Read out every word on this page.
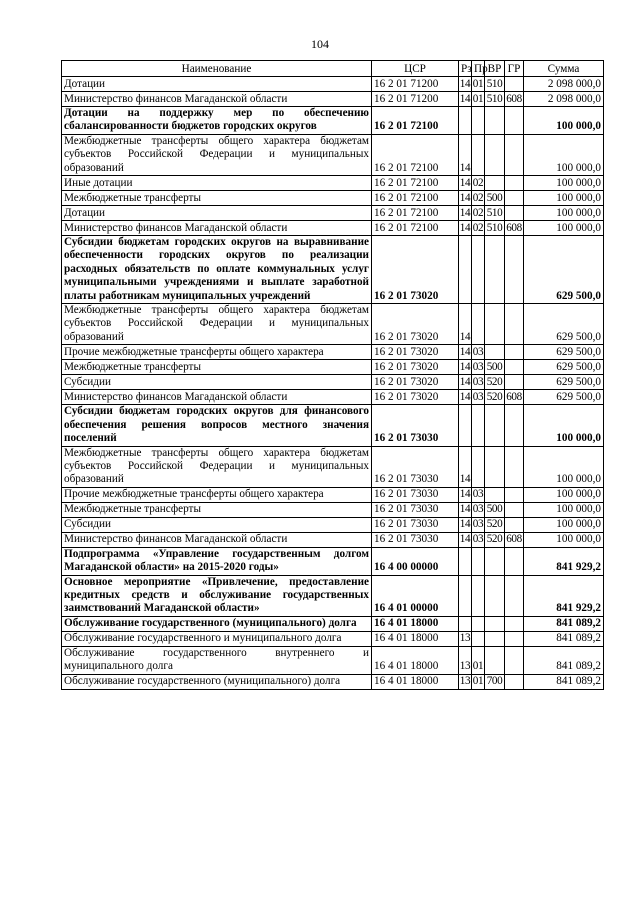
104
Наименование	ЦСР	Рз	Пр	ВР	ГР	Сумма
Дотации	16 2 01 71200	14	01	510		2 098 000,0
Министерство финансов Магаданской области	16 2 01 71200	14	01	510	608	2 098 000,0
Дотации на поддержку мер по обеспечению сбалансированности бюджетов городских округов	16 2 01 72100					100 000,0
Межбюджетные трансферты общего характера бюджетам субъектов Российской Федерации и муниципальных образований	16 2 01 72100	14				100 000,0
Иные дотации	16 2 01 72100	14	02			100 000,0
Межбюджетные трансферты	16 2 01 72100	14	02	500		100 000,0
Дотации	16 2 01 72100	14	02	510		100 000,0
Министерство финансов Магаданской области	16 2 01 72100	14	02	510	608	100 000,0
Субсидии бюджетам городских округов на выравнивание обеспеченности городских округов по реализации расходных обязательств по оплате коммунальных услуг муниципальными учреждениями и выплате заработной платы работникам муниципальных учреждений	16 2 01 73020					629 500,0
Межбюджетные трансферты общего характера бюджетам субъектов Российской Федерации и муниципальных образований	16 2 01 73020	14				629 500,0
Прочие межбюджетные трансферты общего характера	16 2 01 73020	14	03			629 500,0
Межбюджетные трансферты	16 2 01 73020	14	03	500		629 500,0
Субсидии	16 2 01 73020	14	03	520		629 500,0
Министерство финансов Магаданской области	16 2 01 73020	14	03	520	608	629 500,0
Субсидии бюджетам городских округов для финансового обеспечения решения вопросов местного значения поселений	16 2 01 73030					100 000,0
Межбюджетные трансферты общего характера бюджетам субъектов Российской Федерации и муниципальных образований	16 2 01 73030	14				100 000,0
Прочие межбюджетные трансферты общего характера	16 2 01 73030	14	03			100 000,0
Межбюджетные трансферты	16 2 01 73030	14	03	500		100 000,0
Субсидии	16 2 01 73030	14	03	520		100 000,0
Министерство финансов Магаданской области	16 2 01 73030	14	03	520	608	100 000,0
Подпрограмма «Управление государственным долгом Магаданской области» на 2015-2020 годы»	16 4 00 00000					841 929,2
Основное мероприятие «Привлечение, предоставление кредитных средств и обслуживание государственных заимствований Магаданской области»	16 4 01 00000					841 929,2
Обслуживание государственного (муниципального) долга	16 4 01 18000					841 089,2
Обслуживание государственного и муниципального долга	16 4 01 18000	13				841 089,2
Обслуживание государственного внутреннего и муниципального долга	16 4 01 18000	13	01			841 089,2
Обслуживание государственного (муниципального) долга	16 4 01 18000	13	01	700		841 089,2
